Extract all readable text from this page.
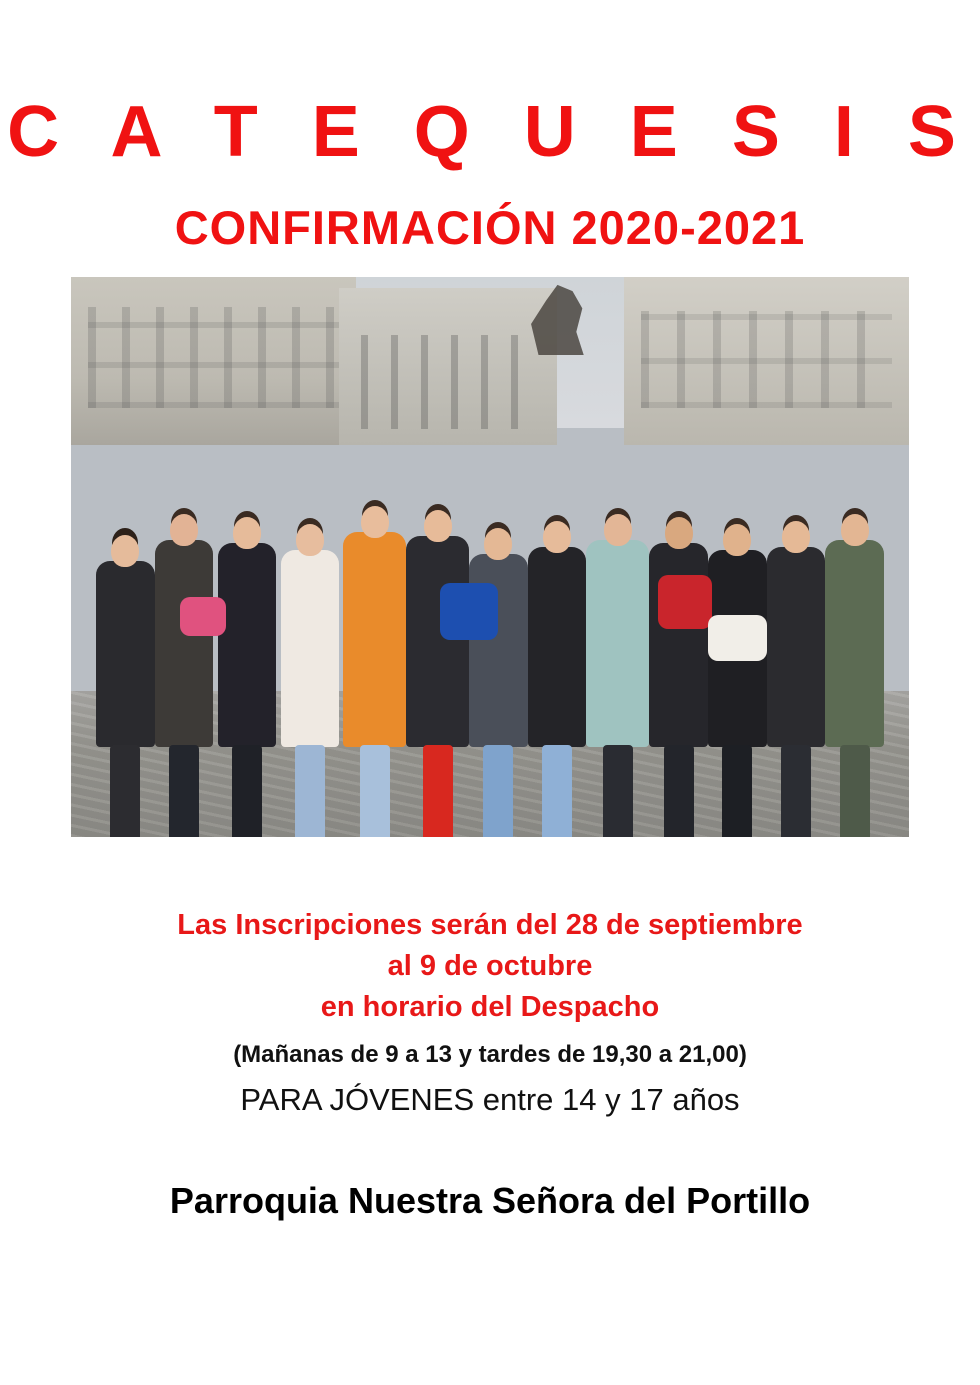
C A T E Q U E S I S
CONFIRMACIÓN 2020-2021
Las Inscripciones serán del 28 de septiembre
al 9 de octubre
en horario del Despacho
(Mañanas de 9 a 13 y tardes de 19,30 a 21,00)
PARA JÓVENES entre 14 y 17 años
Parroquia Nuestra Señora del Portillo
